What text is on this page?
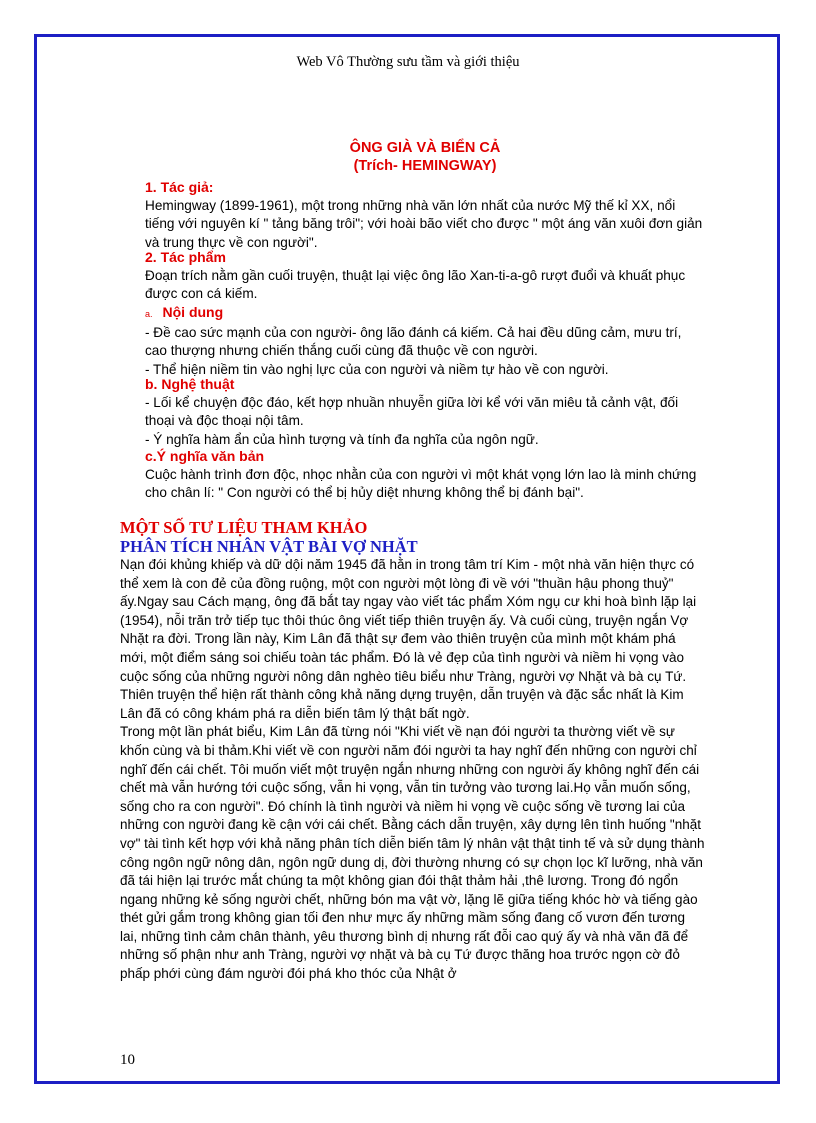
Web Vô Thường sưu tầm và giới thiệu
ÔNG GIÀ VÀ BIỂN CẢ
(Trích- HEMINGWAY)
1. Tác giả:
Hemingway (1899-1961), một trong những nhà văn lớn nhất của nước Mỹ thế kỉ XX, nổi tiếng với nguyên kí " tảng băng trôi"; với hoài bão viết cho được " một áng văn xuôi đơn giản và trung thực về con người".
2. Tác phẩm
Đoạn trích nằm gần cuối truyện, thuật lại việc ông lão Xan-ti-a-gô rượt đuổi và khuất phục được con cá kiếm.
a. Nội dung
- Đề cao sức mạnh của con người- ông lão đánh cá kiếm. Cả hai đều dũng cảm, mưu trí, cao thượng nhưng chiến thắng cuối cùng đã thuộc về con người.
- Thể hiện niềm tin vào nghị lực của con người và niềm tự hào về con người.
b. Nghệ thuật
- Lối kể chuyện độc đáo, kết hợp nhuần nhuyễn giữa lời kể với văn miêu tả cảnh vật, đối thoại và độc thoại nội tâm.
- Ý nghĩa hàm ẩn của hình tượng và tính đa nghĩa của ngôn ngữ.
c.Ý nghĩa văn bản
Cuộc hành trình đơn độc, nhọc nhằn của con người vì một khát vọng lớn lao là minh chứng cho chân lí: " Con người có thể bị hủy diệt nhưng không thể bị đánh bại".
MỘT SỐ TƯ LIỆU THAM KHẢO
PHÂN TÍCH NHÂN VẬT BÀI VỢ NHẶT

Nạn đói khủng khiếp và dữ dội năm 1945 đã hằn in trong tâm trí Kim - một nhà văn hiện thực có thể xem là con đẻ của đồng ruộng, một con người một lòng đi về với "thuần hậu phong thuỷ" ấy.Ngay sau Cách mạng, ông đã bắt tay ngay vào viết tác phẩm Xóm ngụ cư khi hoà bình lặp lại (1954), nỗi trăn trở tiếp tục thôi thúc ông viết tiếp thiên truyện ấy. Và cuối cùng, truyện ngắn Vợ Nhặt ra đời. Trong lần này, Kim Lân đã thật sự đem vào thiên truyện của mình một khám phá mới, một điểm sáng soi chiếu toàn tác phẩm. Đó là vẻ đẹp của tình người và niềm hi vọng vào cuộc sống của những người nông dân nghèo tiêu biểu như Tràng, người vợ Nhặt và bà cụ Tứ. Thiên truyện thể hiện rất thành công khả năng dựng truyện, dẫn truyện và đặc sắc nhất là Kim Lân đã có công khám phá ra diễn biến tâm lý thật bất ngờ.

Trong một lần phát biểu, Kim Lân đã từng nói "Khi viết về nạn đói người ta thường viết về sự khốn cùng và bi thảm.Khi viết về con người năm đói người ta hay nghĩ đến những con người chỉ nghĩ đến cái chết. Tôi muốn viết một truyện ngắn nhưng những con người ấy không nghĩ đến cái chết mà vẫn hướng tới cuộc sống, vẫn hi vọng, vẫn tin tưởng vào tương lai.Họ vẫn muốn sống, sống cho ra con người". Đó chính là tình người và niềm hi vọng về cuộc sống về tương lai của những con người đang kề cận với cái chết. Bằng cách dẫn truyện, xây dựng lên tình huống "nhặt vợ" tài tình kết hợp với khả năng phân tích diễn biến tâm lý nhân vật thật tinh tế và sử dụng thành công ngôn ngữ nông dân, ngôn ngữ dung dị, đời thường nhưng có sự chọn lọc kĩ lưỡng, nhà văn đã tái hiện lại trước mắt chúng ta một không gian đói thật thảm hải ,thê lương. Trong đó ngổn ngang những kẻ sống người chết, những bón ma vật vờ, lặng lẽ giữa tiếng khóc hờ và tiếng gào thét gửi gắm trong không gian tối đen như mực ấy những mầm sống đang cố vươn đến tương lai, những tình cảm chân thành, yêu thương bình dị nhưng rất đỗi cao quý ấy và nhà văn đã để những số phận như anh Tràng, người vợ nhặt và bà cụ Tứ được thăng hoa trước ngọn cờ đỏ phấp phới cùng đám người đói phá kho thóc của Nhật ở

10
